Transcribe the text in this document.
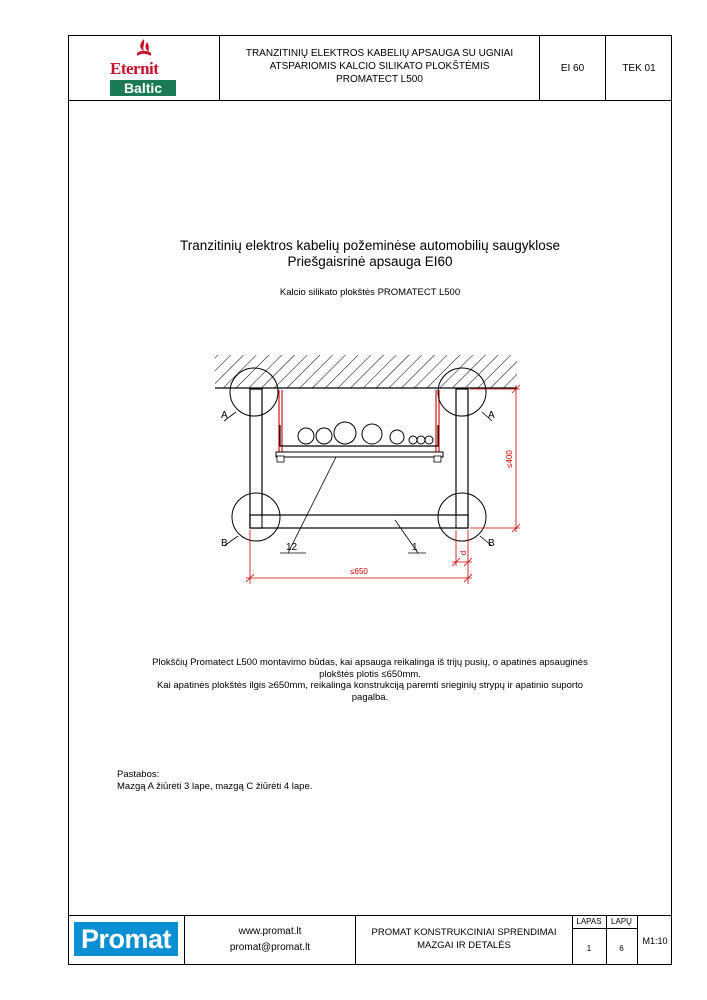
Eternit
Baltic
TRANZITINIŲ ELEKTROS KABELIŲ APSAUGA SU UGNIAI
ATSPARIOMIS KALCIO SILIKATO PLOKŠTĖMIS
PROMATECT L500
EI 60	TEK 01
Tranzitinių elektros kabelių požeminėse automobilių saugyklose
Priešgaisrinė apsauga EI60
Kalcio silikato plokštės PROMATECT L500
A	A
B	B
12	1
≤400
≤650
d
Plokščių Promatect L500 montavimo būdas, kai apsauga reikalinga iš trijų pusių, o apatinės apsauginės
plokštės plotis ≤650mm.
Kai apatinės plokštės ilgis ≥650mm, reikalinga konstrukciją paremti srieginių strypų ir apatinio suporto
pagalba.
Pastabos:
Mazgą A žiūrėti 3 lape, mazgą C žiūrėti 4 lape.
Promat	www.promat.lt
promat@promat.lt
PROMAT KONSTRUKCINIAI SPRENDIMAI
MAZGAI IR DETALĖS
LAPAS	LAPŲ
1	6
M1:10
